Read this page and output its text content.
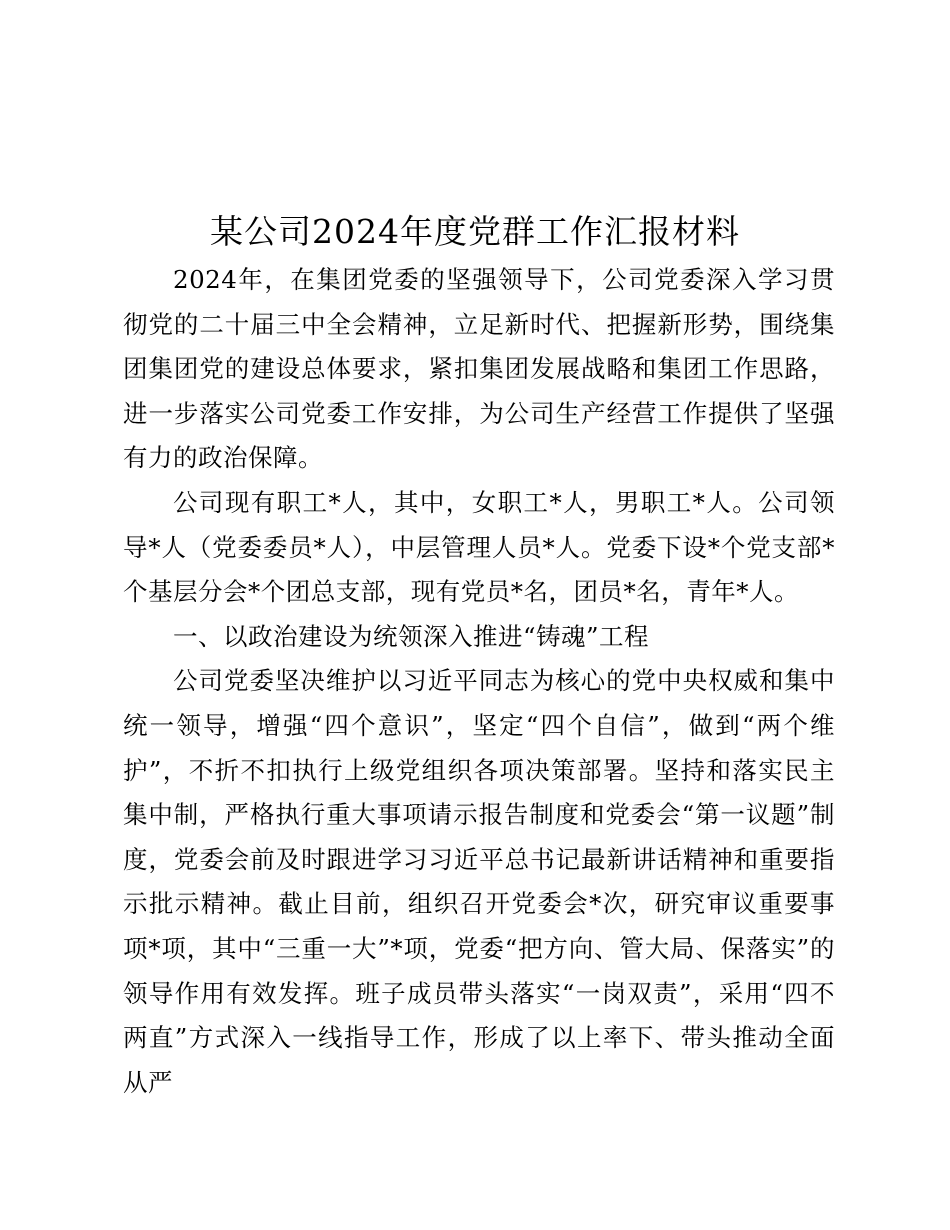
某公司2024年度党群工作汇报材料

2024年，在集团党委的坚强领导下，公司党委深入学习贯彻党的二十届三中全会精神，立足新时代、把握新形势，围绕集团集团党的建设总体要求，紧扣集团发展战略和集团工作思路，进一步落实公司党委工作安排，为公司生产经营工作提供了坚强有力的政治保障。

公司现有职工*人，其中，女职工*人，男职工*人。公司领导*人（党委委员*人），中层管理人员*人。党委下设*个党支部*个基层分会*个团总支部，现有党员*名，团员*名，青年*人。

一、以政治建设为统领深入推进“铸魂”工程

公司党委坚决维护以习近平同志为核心的党中央权威和集中统一领导，增强“四个意识”，坚定“四个自信”，做到“两个维护”，不折不扣执行上级党组织各项决策部署。坚持和落实民主集中制，严格执行重大事项请示报告制度和党委会“第一议题”制度，党委会前及时跟进学习习近平总书记最新讲话精神和重要指示批示精神。截止目前，组织召开党委会*次，研究审议重要事项*项，其中“三重一大”*项，党委“把方向、管大局、保落实”的领导作用有效发挥。班子成员带头落实“一岗双责”，采用“四不两直”方式深入一线指导工作，形成了以上率下、带头推动全面从严
